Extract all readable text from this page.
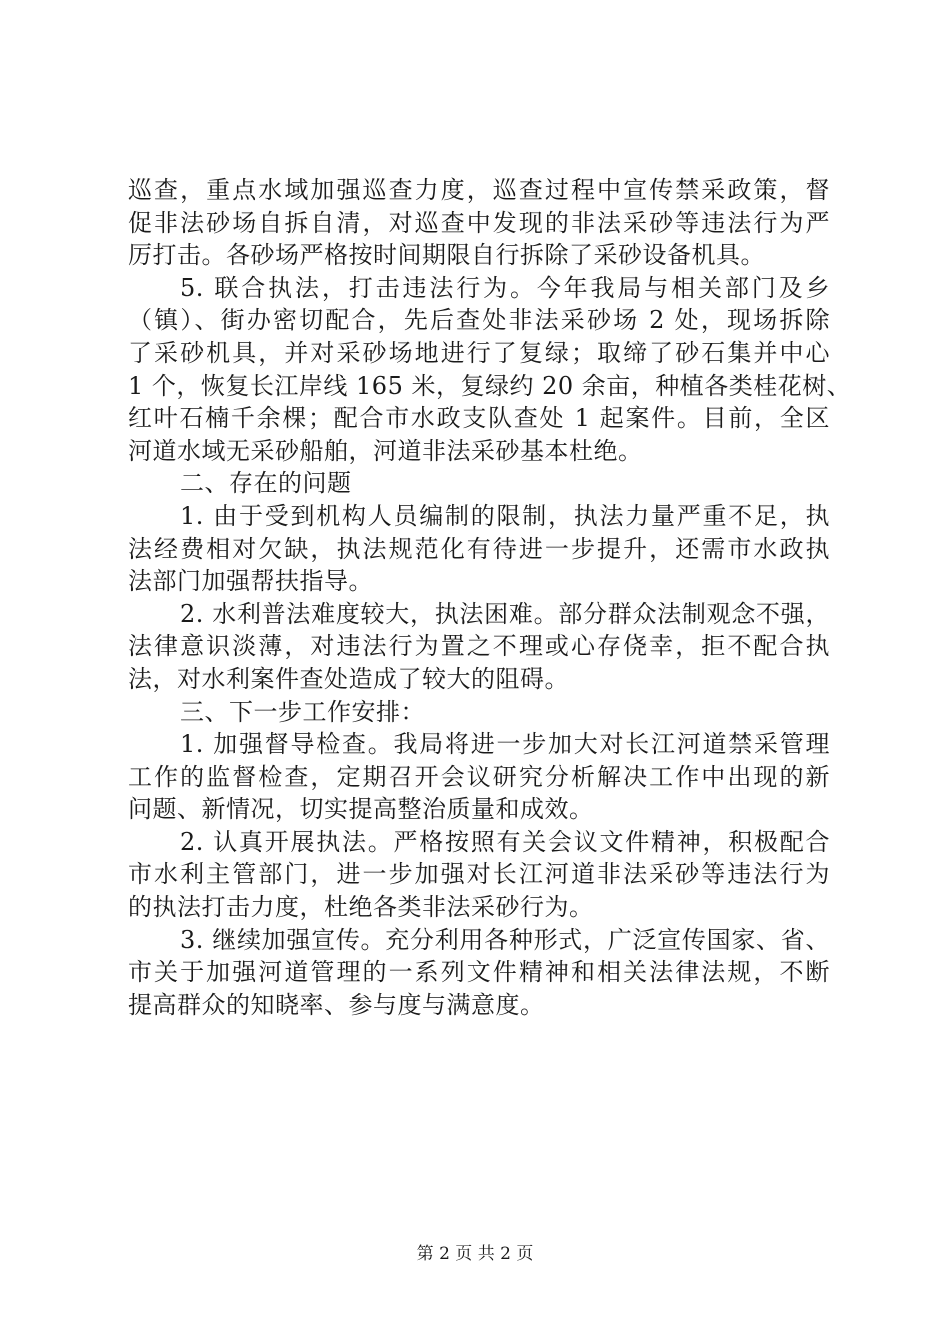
巡查，重点水域加强巡查力度，巡查过程中宣传禁采政策，督
促非法砂场自拆自清，对巡查中发现的非法采砂等违法行为严
厉打击。各砂场严格按时间期限自行拆除了采砂设备机具。
5. 联合执法，打击违法行为。今年我局与相关部门及乡
（镇）、街办密切配合，先后查处非法采砂场 2 处，现场拆除
了采砂机具，并对采砂场地进行了复绿；取缔了砂石集并中心
1 个，恢复长江岸线 165 米，复绿约 20 余亩，种植各类桂花树、
红叶石楠千余棵；配合市水政支队查处 1 起案件。目前，全区
河道水域无采砂船舶，河道非法采砂基本杜绝。
二、存在的问题
1. 由于受到机构人员编制的限制，执法力量严重不足，执
法经费相对欠缺，执法规范化有待进一步提升，还需市水政执
法部门加强帮扶指导。
2. 水利普法难度较大，执法困难。部分群众法制观念不强，
法律意识淡薄，对违法行为置之不理或心存侥幸，拒不配合执
法，对水利案件查处造成了较大的阻碍。
三、下一步工作安排：
1. 加强督导检查。我局将进一步加大对长江河道禁采管理
工作的监督检查，定期召开会议研究分析解决工作中出现的新
问题、新情况，切实提高整治质量和成效。
2. 认真开展执法。严格按照有关会议文件精神，积极配合
市水利主管部门，进一步加强对长江河道非法采砂等违法行为
的执法打击力度，杜绝各类非法采砂行为。
3. 继续加强宣传。充分利用各种形式，广泛宣传国家、省、
市关于加强河道管理的一系列文件精神和相关法律法规，不断
提高群众的知晓率、参与度与满意度。
第 2 页 共 2 页
